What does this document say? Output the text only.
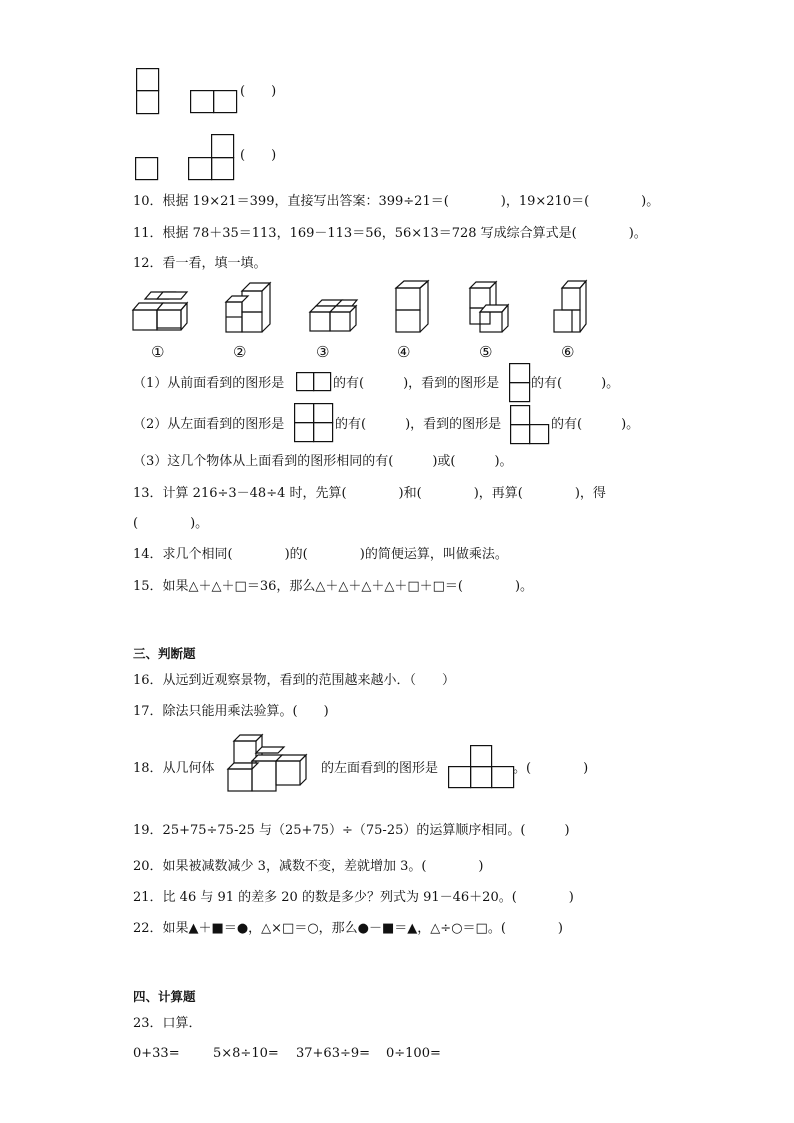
(　　)
(　　)
10．根据 19×21＝399，直接写出答案：399÷21＝(　　　　)，19×210＝(　　　　)。
11．根据 78＋35＝113，169－113＝56，56×13＝728 写成综合算式是(　　　　)。
12．看一看，填一填。
①	②	③	④	⑤	⑥
（1）从前面看到的图形是	的有(　　　)，看到的图形是 的有(　　　)。
（2）从左面看到的图形是	的有(　　　)，看到的图形是	的有(　　　)。
（3）这几个物体从上面看到的图形相同的有(　　　)或(　　　)。
13．计算 216÷3－48÷4 时，先算(　　　　)和(　　　　)，再算(　　　　)，得
(　　　　)。
14．求几个相同(　　　　)的(　　　　)的简便运算，叫做乘法。
15．如果△＋△＋□＝36，那么△＋△＋△＋△＋□＋□＝(　　　　)。
三、判断题
16．从远到近观察景物，看到的范围越来越小．（　　）
17．除法只能用乘法验算。(　　)
18．从几何体	的左面看到的图形是	。(　　　　)
19．25+75÷75-25 与（25+75）÷（75-25）的运算顺序相同。(　　　)
20．如果被减数减少 3，减数不变，差就增加 3。(　　　　)
21．比 46 与 91 的差多 20 的数是多少？列式为 91－46＋20。(　　　　)
22．如果▲＋■＝●，△×□＝○，那么●－■＝▲，△÷○＝□。(　　　　)
四、计算题
23．口算．
0+33=	5×8÷10= 37+63÷9= 0÷100=
